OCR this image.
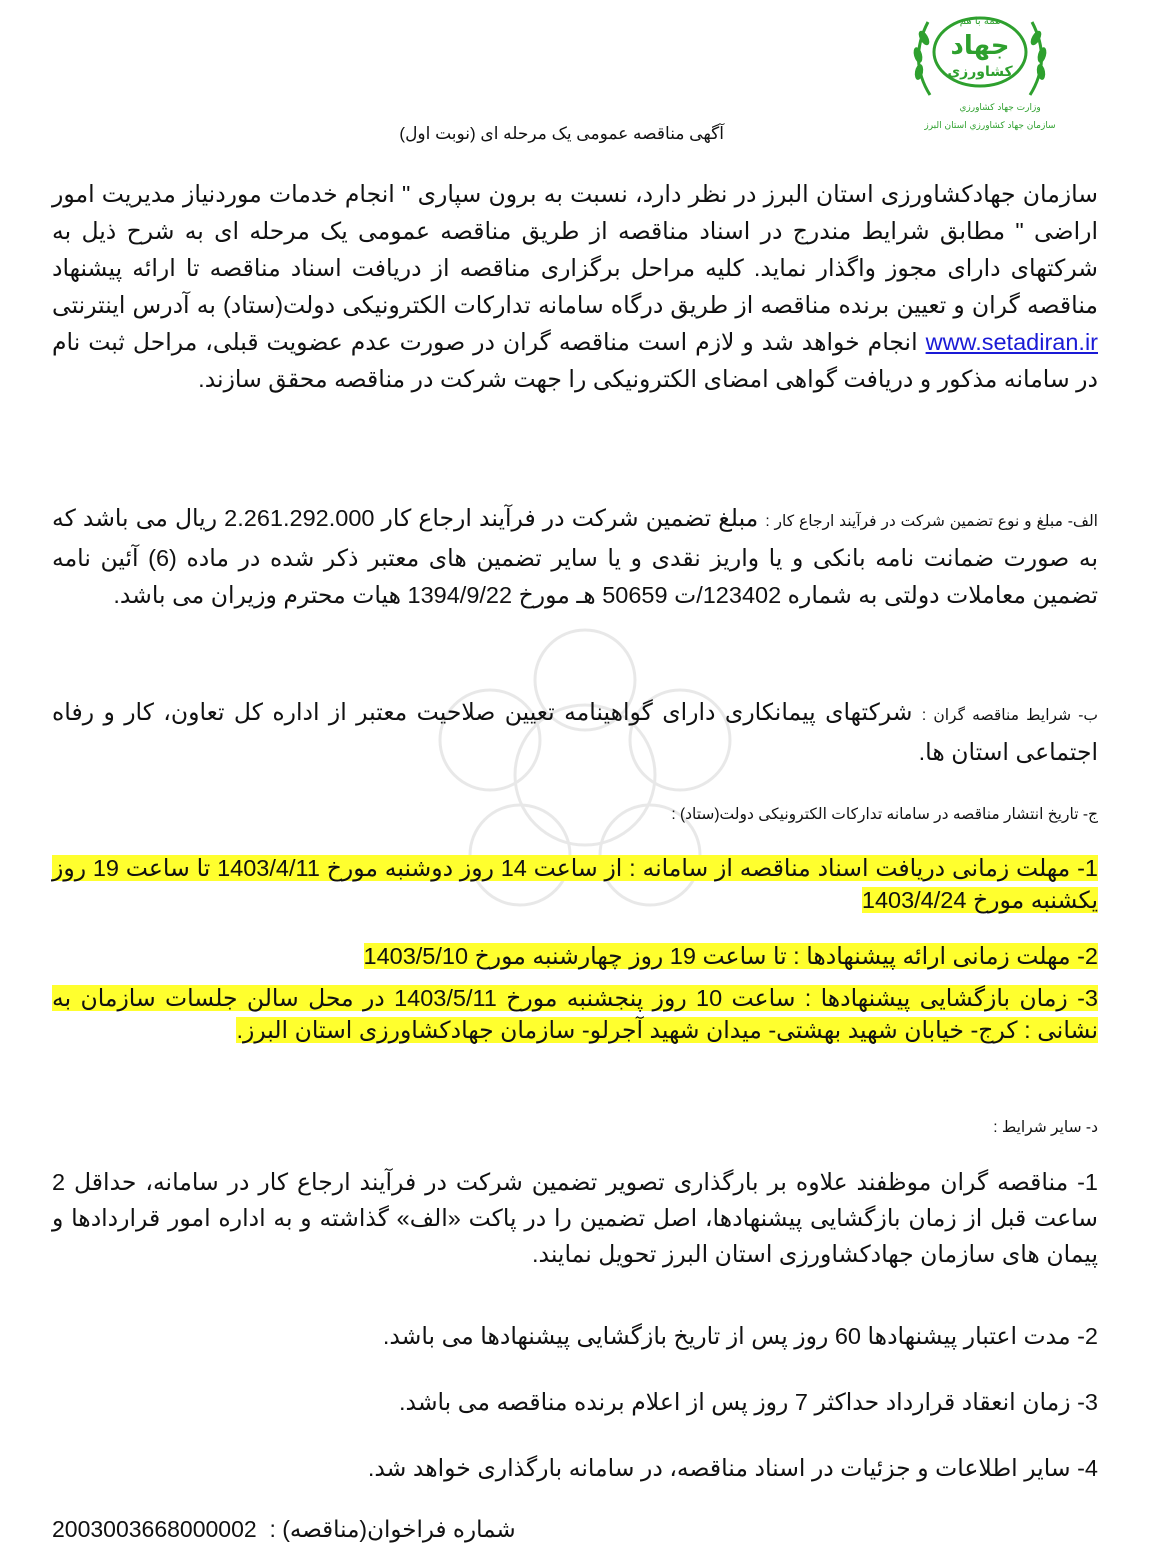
همه با هم
جهاد
كشاورزي
وزارت جهاد كشاورزي
سازمان جهاد كشاورزي استان البرز
آگهی مناقصه عمومی یک مرحله ای (نوبت اول)
سازمان جهادکشاورزی استان البرز در نظر دارد، نسبت به برون سپاری " انجام خدمات موردنیاز مدیریت امور اراضی " مطابق شرایط مندرج در اسناد مناقصه از طریق مناقصه عمومی یک مرحله ای به شرح ذیل به شرکتهای دارای مجوز واگذار نماید. کلیه مراحل برگزاری مناقصه از دریافت اسناد مناقصه تا ارائه پیشنهاد مناقصه گران و تعیین برنده مناقصه از طریق درگاه سامانه تدارکات الکترونیکی دولت(ستاد) به آدرس اینترنتی www.setadiran.ir انجام خواهد شد و لازم است مناقصه گران در صورت عدم عضویت قبلی، مراحل ثبت نام در سامانه مذکور و دریافت گواهی امضای الکترونیکی را جهت شرکت در مناقصه محقق سازند.
الف- مبلغ و نوع تضمین شرکت در فرآیند ارجاع کار : مبلغ تضمین شرکت در فرآیند ارجاع کار 2.261.292.000 ریال می باشد که به صورت ضمانت نامه بانکی و یا واریز نقدی و یا سایر تضمین های معتبر ذکر شده در ماده (6) آئین نامه تضمین معاملات دولتی به شماره 123402/ت 50659 هـ مورخ 1394/9/22 هیات محترم وزیران می باشد.
ب- شرایط مناقصه گران : شرکتهای پیمانکاری دارای گواهینامه تعیین صلاحیت معتبر از اداره کل تعاون، کار و رفاه اجتماعی استان ها.
ج- تاریخ انتشار مناقصه در سامانه تدارکات الکترونیکی دولت(ستاد) :
1- مهلت زمانی دریافت اسناد مناقصه از سامانه : از ساعت 14 روز دوشنبه مورخ 1403/4/11 تا ساعت 19 روز یکشنبه مورخ 1403/4/24
2- مهلت زمانی ارائه پیشنهادها : تا ساعت 19 روز چهارشنبه مورخ 1403/5/10
3- زمان بازگشایی پیشنهادها : ساعت 10 روز پنجشنبه مورخ 1403/5/11 در محل سالن جلسات سازمان به نشانی : کرج- خیابان شهید بهشتی- میدان شهید آجرلو- سازمان جهادکشاورزی استان البرز.
د- سایر شرایط :
1- مناقصه گران موظفند علاوه بر بارگذاری تصویر تضمین شرکت در فرآیند ارجاع کار در سامانه، حداقل 2 ساعت قبل از زمان بازگشایی پیشنهادها، اصل تضمین را در پاکت «الف» گذاشته و به اداره امور قراردادها و پیمان های سازمان جهادکشاورزی استان البرز تحویل نمایند.
2- مدت اعتبار پیشنهادها 60 روز پس از تاریخ بازگشایی پیشنهادها می باشد.
3- زمان انعقاد قرارداد حداکثر 7 روز پس از اعلام برنده مناقصه می باشد.
4- سایر اطلاعات و جزئیات در اسناد مناقصه، در سامانه بارگذاری خواهد شد.
شماره فراخوان(مناقصه) :  2003003668000002
